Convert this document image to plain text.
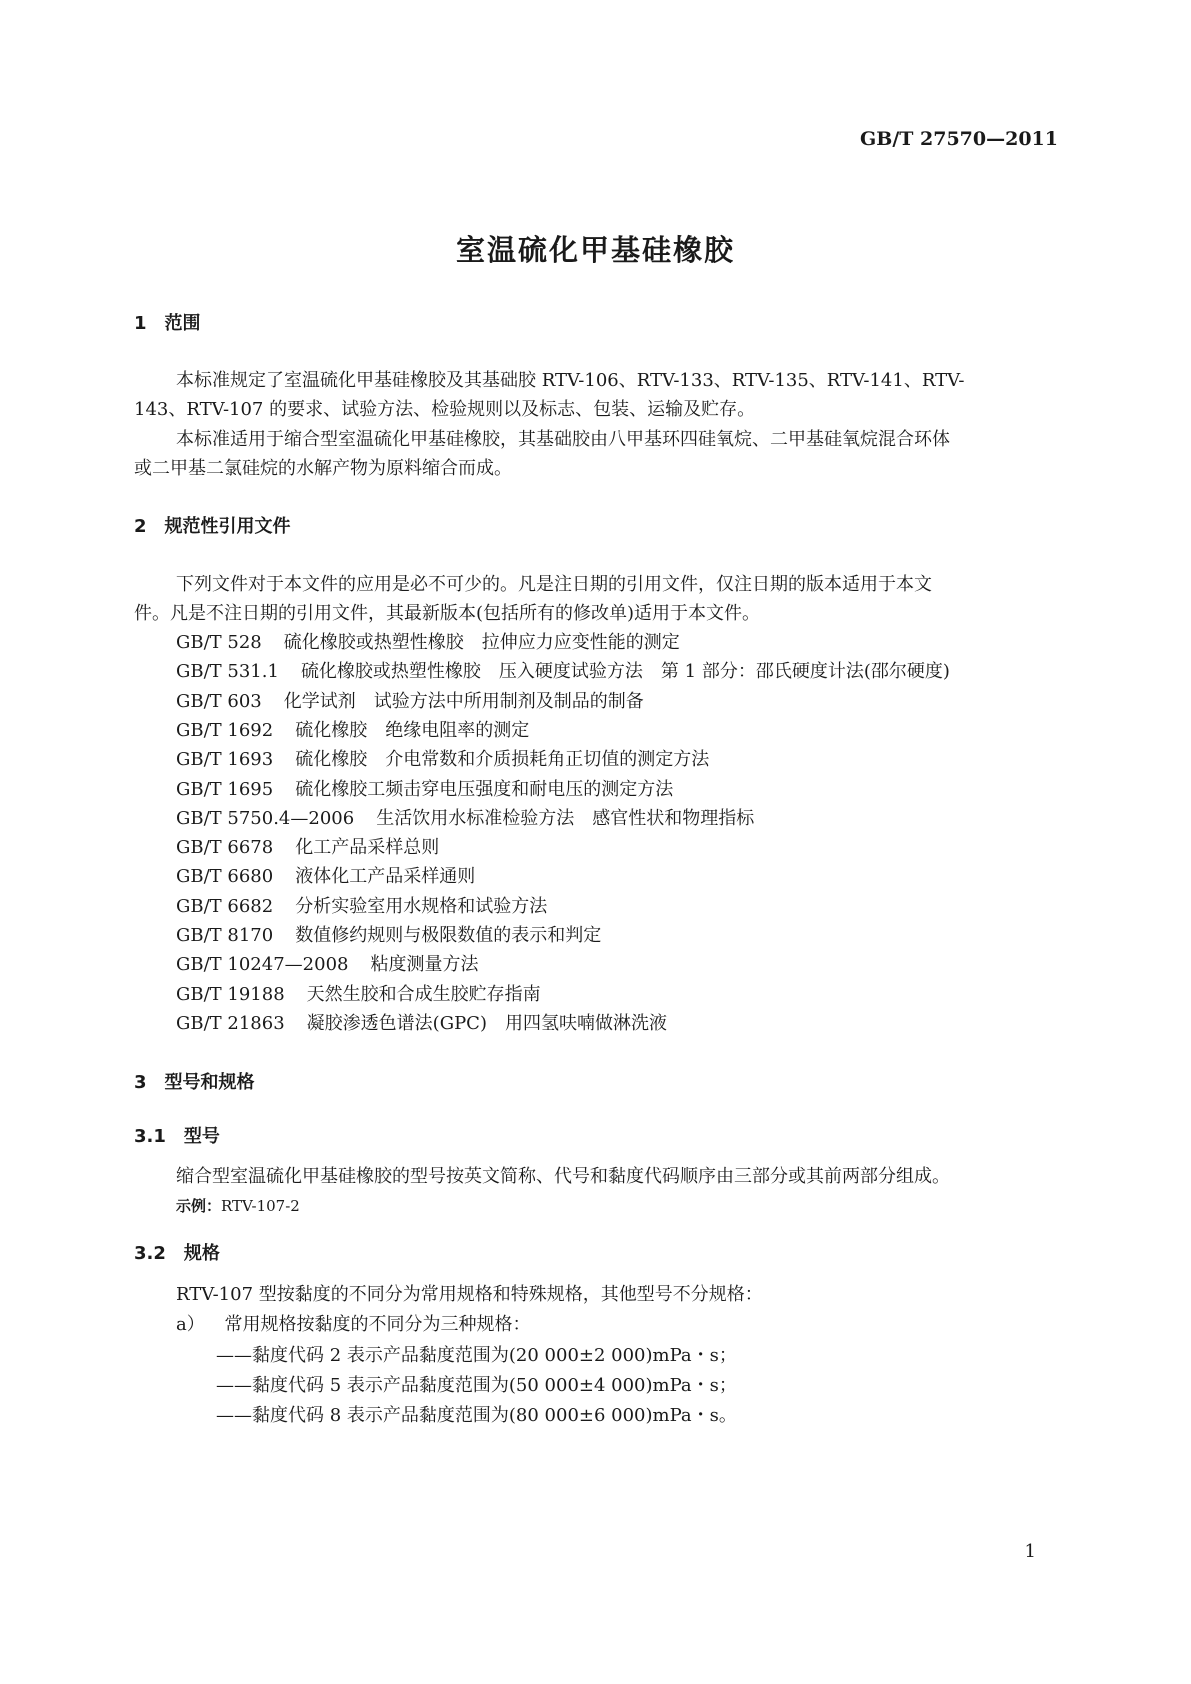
GB/T 27570—2011
室温硫化甲基硅橡胶
1　范围
本标准规定了室温硫化甲基硅橡胶及其基础胶 RTV-106、RTV-133、RTV-135、RTV-141、RTV-
143、RTV-107 的要求、试验方法、检验规则以及标志、包装、运输及贮存。
本标准适用于缩合型室温硫化甲基硅橡胶，其基础胶由八甲基环四硅氧烷、二甲基硅氧烷混合环体
或二甲基二氯硅烷的水解产物为原料缩合而成。
2　规范性引用文件
下列文件对于本文件的应用是必不可少的。凡是注日期的引用文件，仅注日期的版本适用于本文
件。凡是不注日期的引用文件，其最新版本(包括所有的修改单)适用于本文件。
GB/T 528 硫化橡胶或热塑性橡胶　拉伸应力应变性能的测定
GB/T 531.1 硫化橡胶或热塑性橡胶　压入硬度试验方法　第 1 部分：邵氏硬度计法(邵尔硬度)
GB/T 603 化学试剂　试验方法中所用制剂及制品的制备
GB/T 1692 硫化橡胶　绝缘电阻率的测定
GB/T 1693 硫化橡胶　介电常数和介质损耗角正切值的测定方法
GB/T 1695 硫化橡胶工频击穿电压强度和耐电压的测定方法
GB/T 5750.4—2006 生活饮用水标准检验方法　感官性状和物理指标
GB/T 6678 化工产品采样总则
GB/T 6680 液体化工产品采样通则
GB/T 6682 分析实验室用水规格和试验方法
GB/T 8170 数值修约规则与极限数值的表示和判定
GB/T 10247—2008 粘度测量方法
GB/T 19188 天然生胶和合成生胶贮存指南
GB/T 21863 凝胶渗透色谱法(GPC)　用四氢呋喃做淋洗液
3　型号和规格
3.1　型号
缩合型室温硫化甲基硅橡胶的型号按英文简称、代号和黏度代码顺序由三部分或其前两部分组成。
示例：RTV-107-2
3.2　规格
RTV-107 型按黏度的不同分为常用规格和特殊规格，其他型号不分规格：
a） 常用规格按黏度的不同分为三种规格：
——黏度代码 2 表示产品黏度范围为(20 000±2 000)mPa・s；
——黏度代码 5 表示产品黏度范围为(50 000±4 000)mPa・s；
——黏度代码 8 表示产品黏度范围为(80 000±6 000)mPa・s。
1
